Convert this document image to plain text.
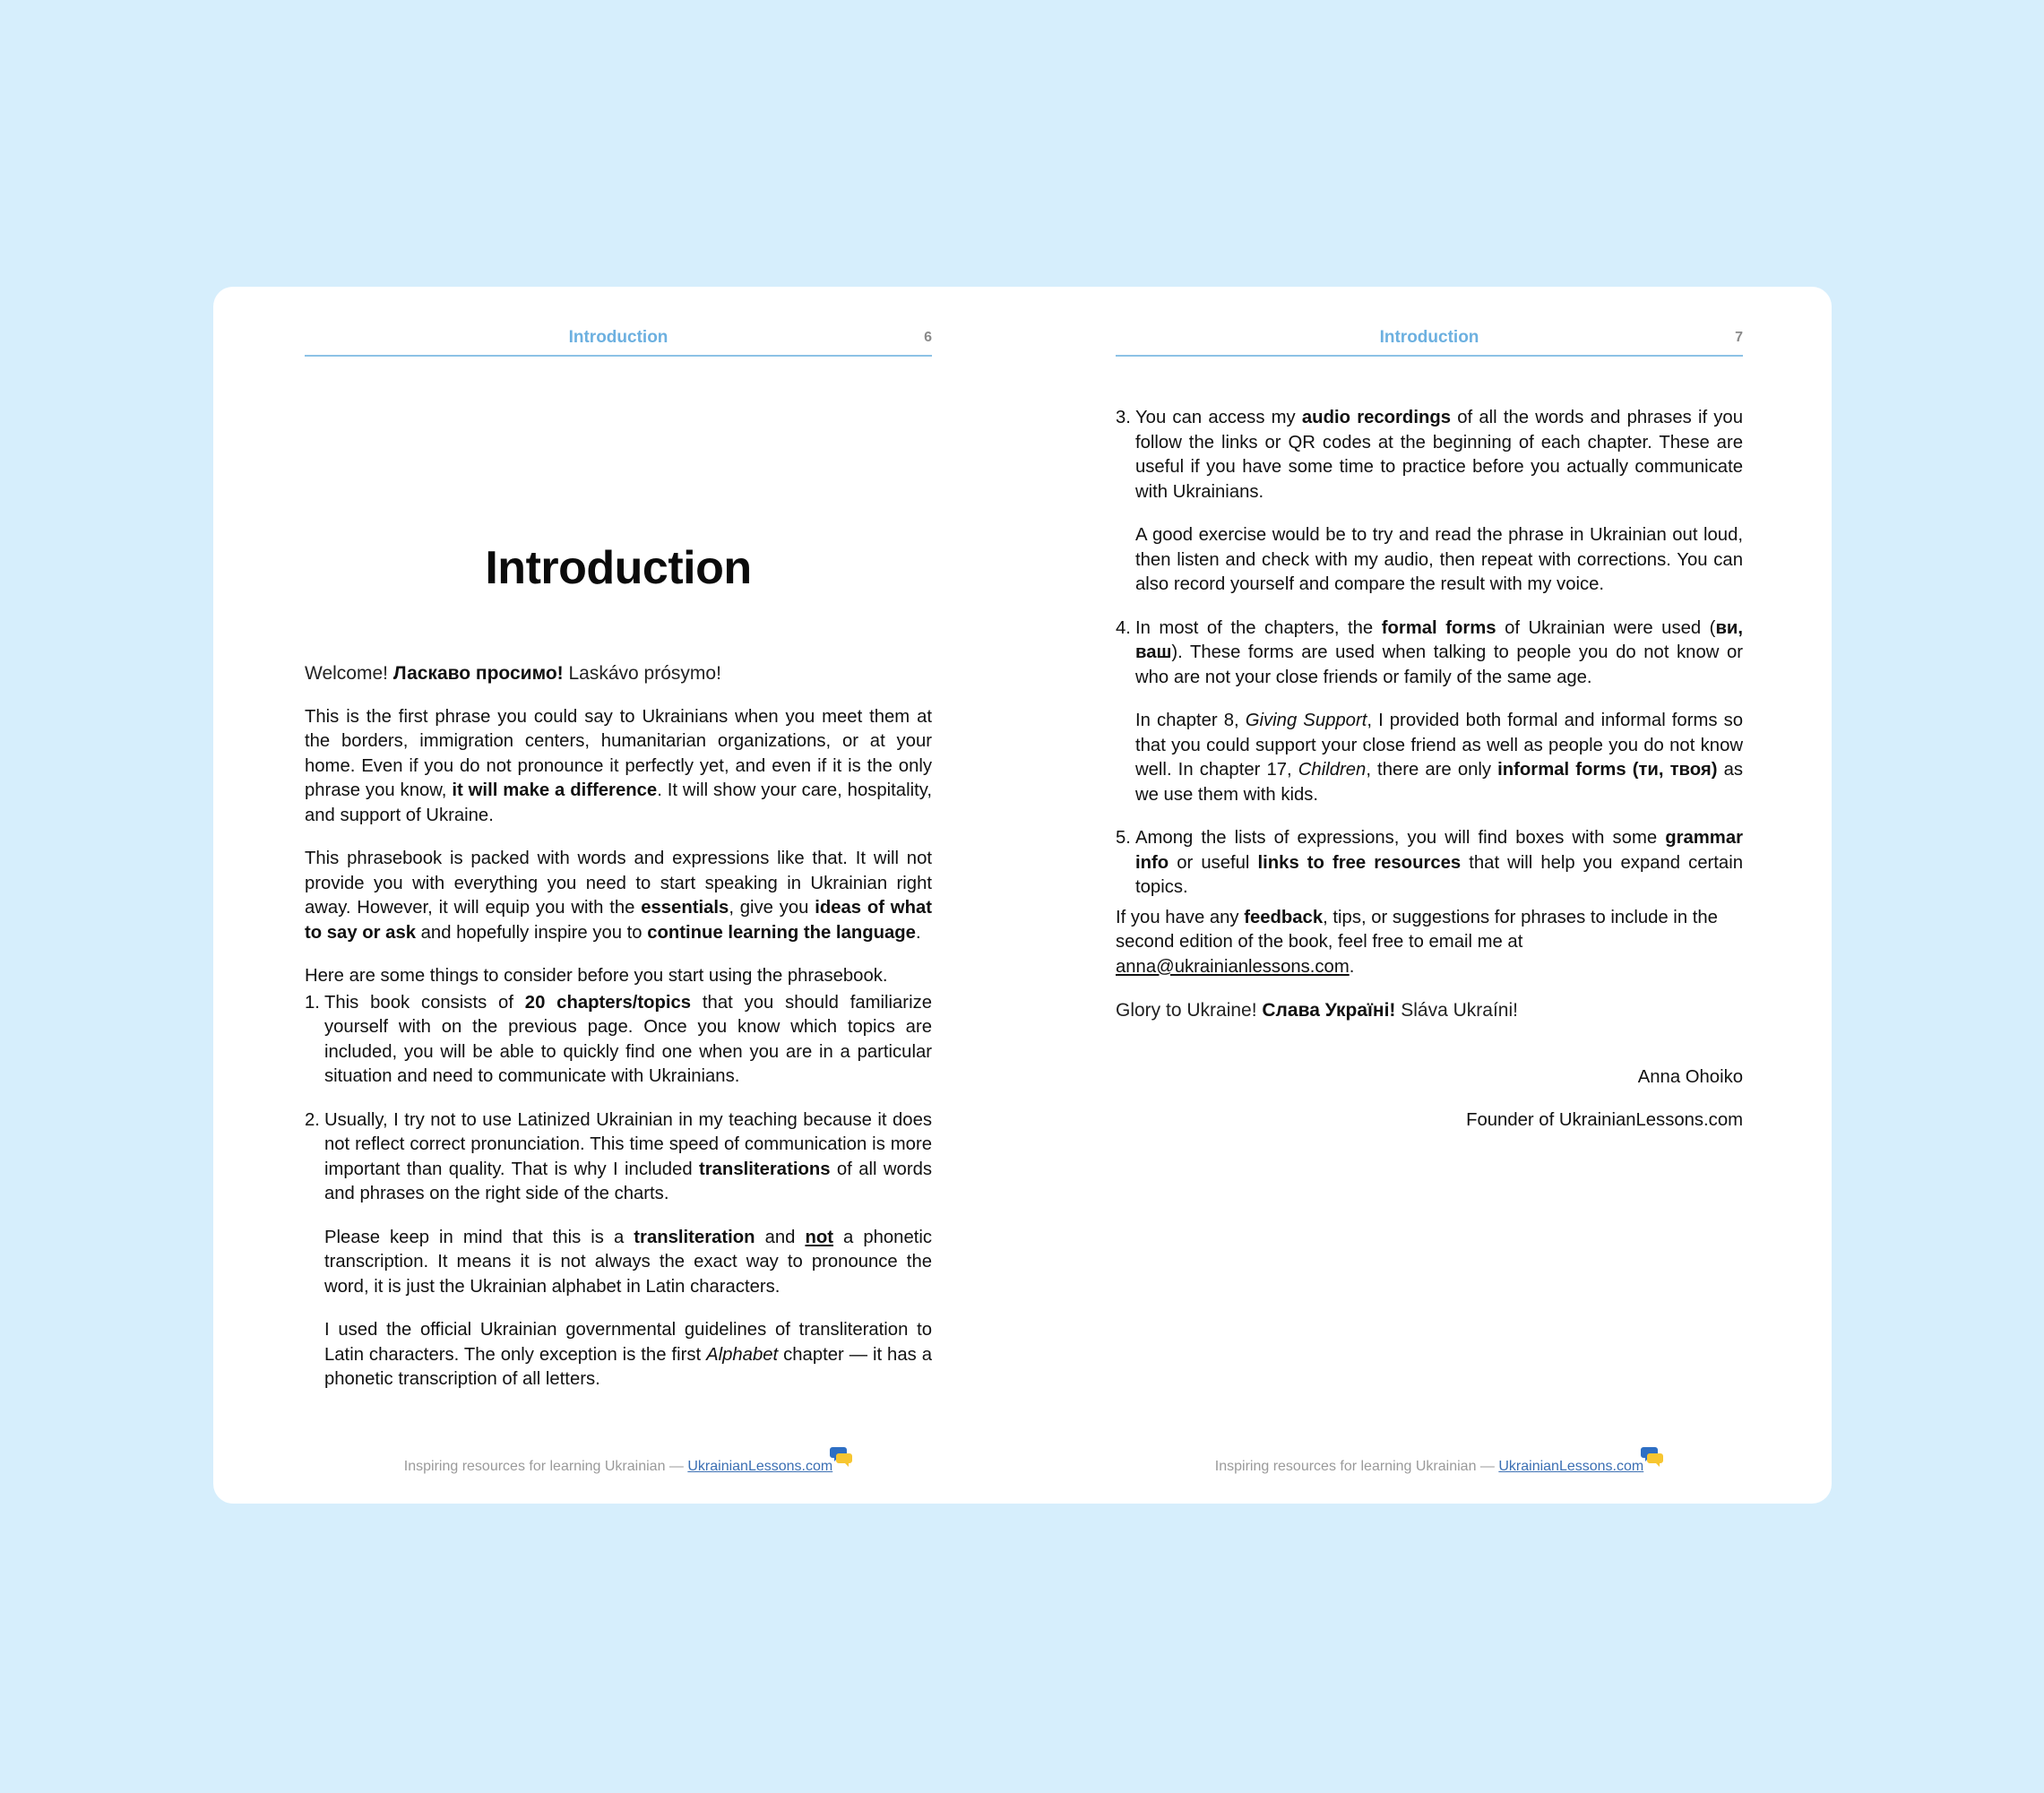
Introduction	6
Introduction

Welcome! Ласкаво просимо! Laskávo prósymo!

This is the first phrase you could say to Ukrainians when you meet them at the borders, immigration centers, humanitarian organizations, or at your home. Even if you do not pronounce it perfectly yet, and even if it is the only phrase you know, it will make a difference. It will show your care, hospitality, and support of Ukraine.

This phrasebook is packed with words and expressions like that. It will not provide you with everything you need to start speaking in Ukrainian right away. However, it will equip you with the essentials, give you ideas of what to say or ask and hopefully inspire you to continue learning the language.

Here are some things to consider before you start using the phrasebook.

1. This book consists of 20 chapters/topics that you should familiarize yourself with on the previous page. Once you know which topics are included, you will be able to quickly find one when you are in a particular situation and need to communicate with Ukrainians.

2. Usually, I try not to use Latinized Ukrainian in my teaching because it does not reflect correct pronunciation. This time speed of communication is more important than quality. That is why I included transliterations of all words and phrases on the right side of the charts.

Please keep in mind that this is a transliteration and not a phonetic transcription. It means it is not always the exact way to pronounce the word, it is just the Ukrainian alphabet in Latin characters.

I used the official Ukrainian governmental guidelines of transliteration to Latin characters. The only exception is the first Alphabet chapter — it has a phonetic transcription of all letters.

Inspiring resources for learning Ukrainian — UkrainianLessons.com
Introduction	7
3. You can access my audio recordings of all the words and phrases if you follow the links or QR codes at the beginning of each chapter. These are useful if you have some time to practice before you actually communicate with Ukrainians.

A good exercise would be to try and read the phrase in Ukrainian out loud, then listen and check with my audio, then repeat with corrections. You can also record yourself and compare the result with my voice.

4. In most of the chapters, the formal forms of Ukrainian were used (ви, ваш). These forms are used when talking to people you do not know or who are not your close friends or family of the same age.

In chapter 8, Giving Support, I provided both formal and informal forms so that you could support your close friend as well as people you do not know well. In chapter 17, Children, there are only informal forms (ти, твоя) as we use them with kids.

5. Among the lists of expressions, you will find boxes with some grammar info or useful links to free resources that will help you expand certain topics.

If you have any feedback, tips, or suggestions for phrases to include in the second edition of the book, feel free to email me at anna@ukrainianlessons.com.

Glory to Ukraine! Слава Україні! Sláva Ukraíni!

Anna Ohoiko

Founder of UkrainianLessons.com

Inspiring resources for learning Ukrainian — UkrainianLessons.com
